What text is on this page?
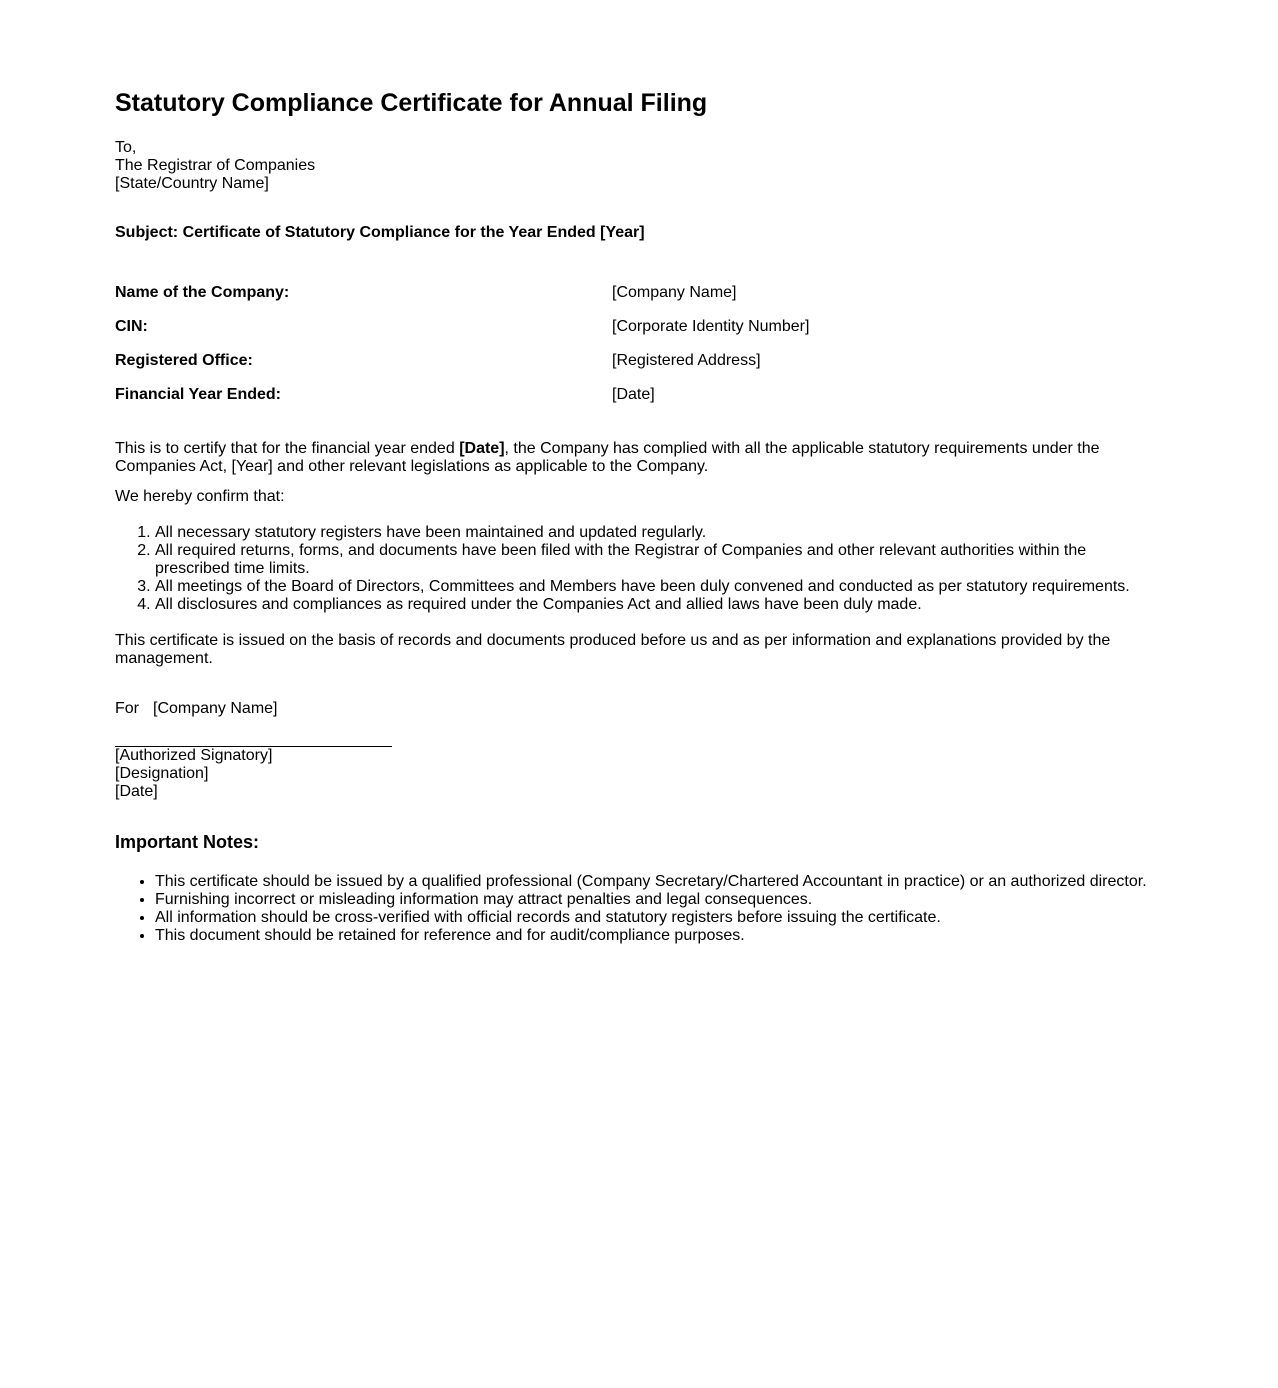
Statutory Compliance Certificate for Annual Filing
To,
The Registrar of Companies
[State/Country Name]

Subject: Certificate of Statutory Compliance for the Year Ended [Year]

Name of the Company:	[Company Name]
CIN:	[Corporate Identity Number]
Registered Office:	[Registered Address]
Financial Year Ended:	[Date]

This is to certify that for the financial year ended [Date], the Company has complied with all the applicable statutory requirements under the Companies Act, [Year] and other relevant legislations as applicable to the Company.

We hereby confirm that:

1. All necessary statutory registers have been maintained and updated regularly.
2. All required returns, forms, and documents have been filed with the Registrar of Companies and other relevant authorities within the prescribed time limits.
3. All meetings of the Board of Directors, Committees and Members have been duly convened and conducted as per statutory requirements.
4. All disclosures and compliances as required under the Companies Act and allied laws have been duly made.

This certificate is issued on the basis of records and documents produced before us and as per information and explanations provided by the management.

For [Company Name]

[Authorized Signatory]
[Designation]
[Date]
Important Notes:
• This certificate should be issued by a qualified professional (Company Secretary/Chartered Accountant in practice) or an authorized director.
• Furnishing incorrect or misleading information may attract penalties and legal consequences.
• All information should be cross-verified with official records and statutory registers before issuing the certificate.
• This document should be retained for reference and for audit/compliance purposes.
